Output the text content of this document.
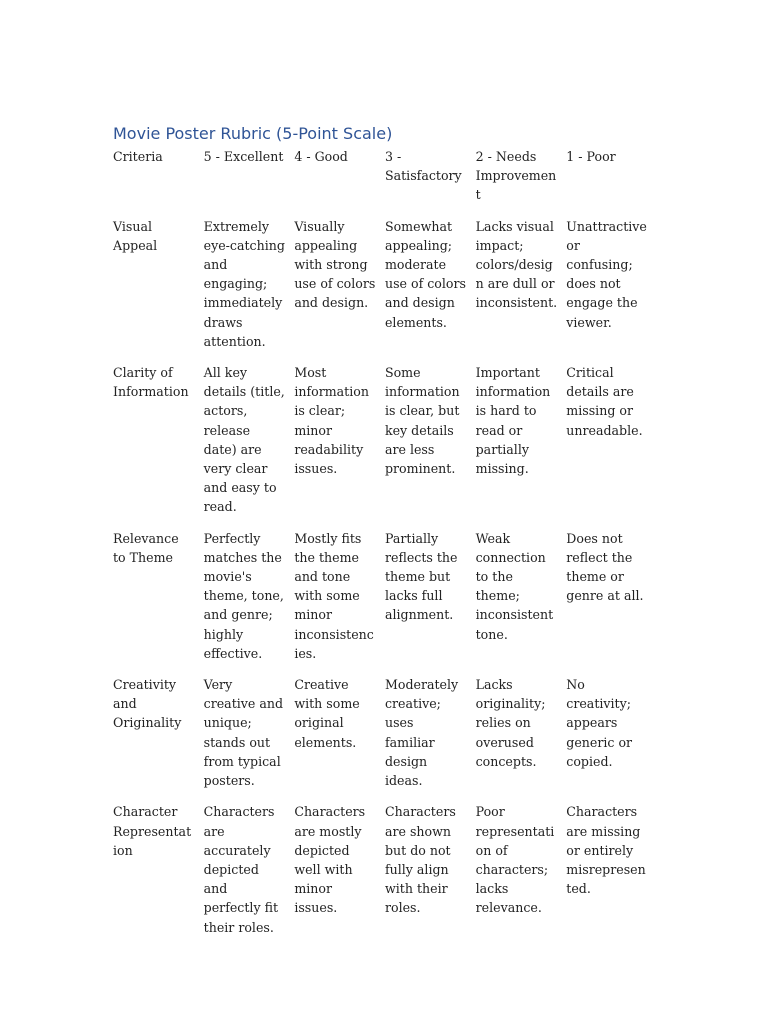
Movie Poster Rubric (5-Point Scale)
Criteria	5 - Excellent	4 - Good	3 - Satisfactory	2 - Needs Improvement	1 - Poor
Visual Appeal	Extremely eye-catching and engaging; immediately draws attention.	Visually appealing with strong use of colors and design.	Somewhat appealing; moderate use of colors and design elements.	Lacks visual impact; colors/design are dull or inconsistent.	Unattractive or confusing; does not engage the viewer.
Clarity of Information	All key details (title, actors, release date) are very clear and easy to read.	Most information is clear; minor readability issues.	Some information is clear, but key details are less prominent.	Important information is hard to read or partially missing.	Critical details are missing or unreadable.
Relevance to Theme	Perfectly matches the movie's theme, tone, and genre; highly effective.	Mostly fits the theme and tone with some minor inconsistencies.	Partially reflects the theme but lacks full alignment.	Weak connection to the theme; inconsistent tone.	Does not reflect the theme or genre at all.
Creativity and Originality	Very creative and unique; stands out from typical posters.	Creative with some original elements.	Moderately creative; uses familiar design ideas.	Lacks originality; relies on overused concepts.	No creativity; appears generic or copied.
Character Representation	Characters are accurately depicted and perfectly fit their roles.	Characters are mostly depicted well with minor issues.	Characters are shown but do not fully align with their roles.	Poor representation of characters; lacks relevance.	Characters are missing or entirely misrepresented.
